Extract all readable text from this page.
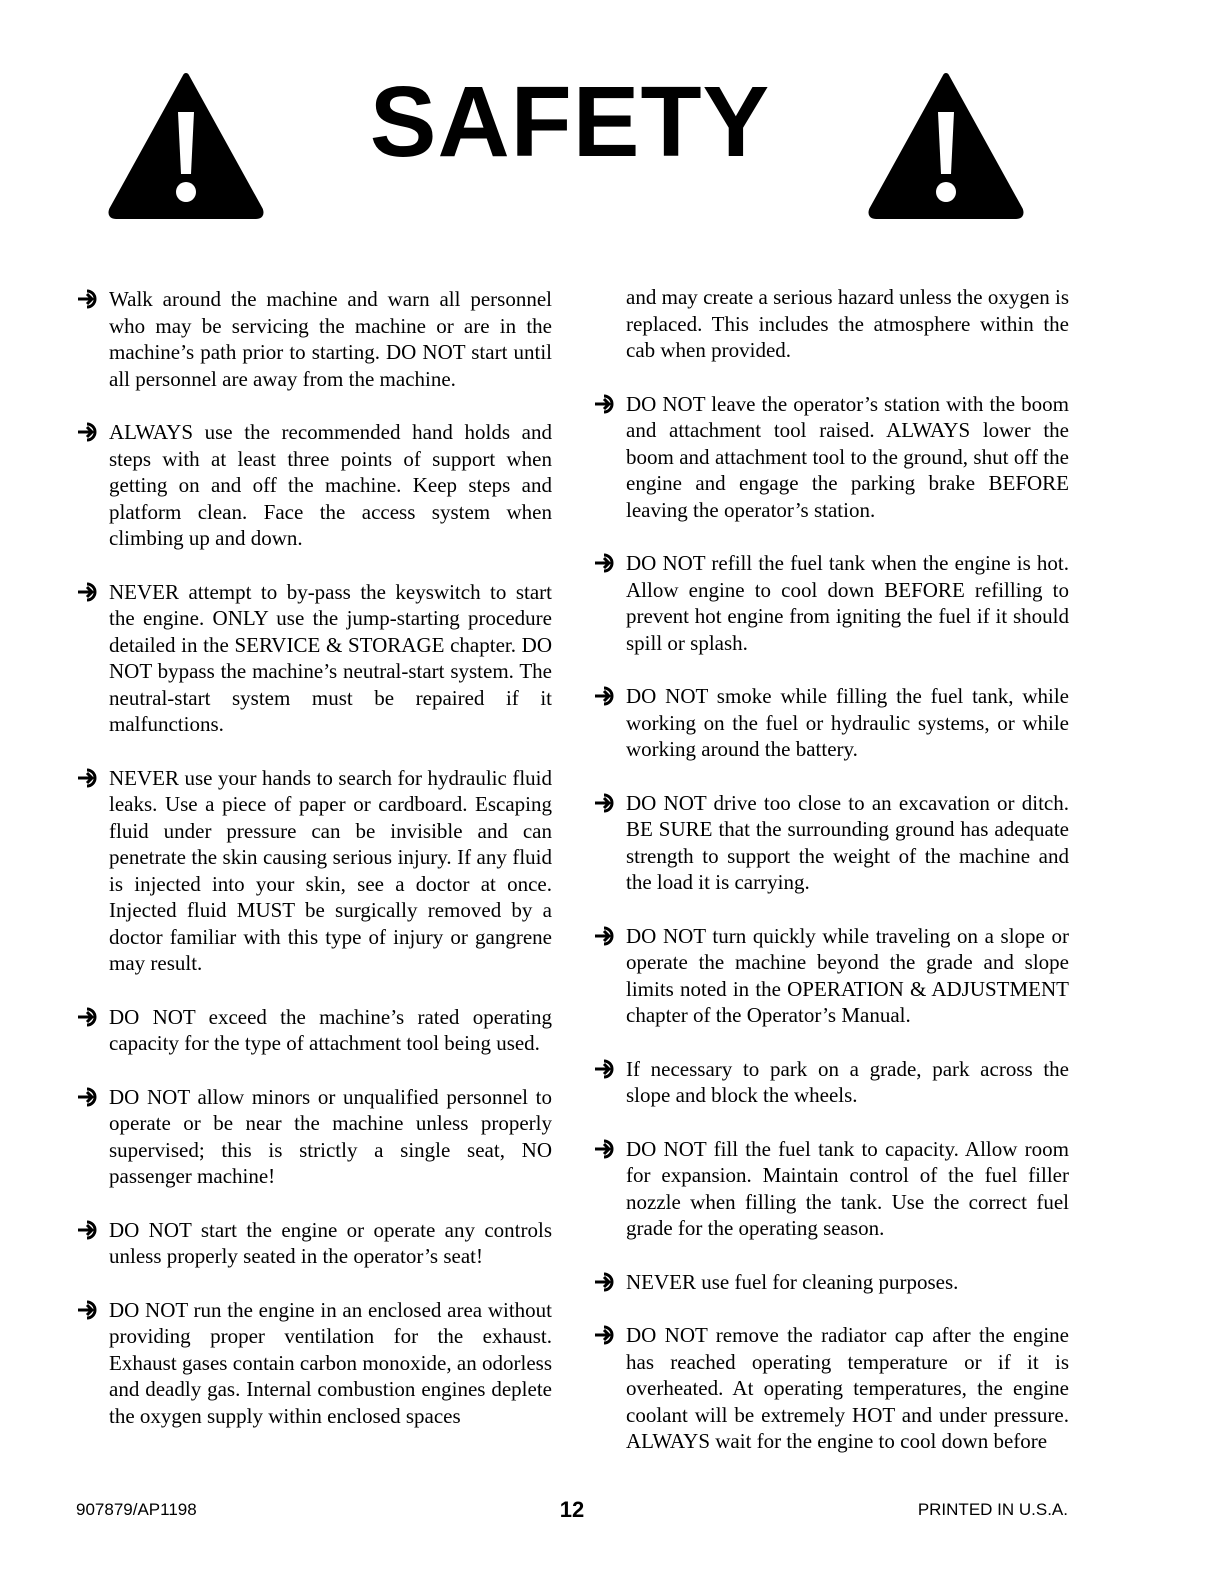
SAFETY
Walk around the machine and warn all personnel who may be servicing the machine or are in the machine’s path prior to starting. DO NOT start until all personnel are away from the machine.
ALWAYS use the recommended hand holds and steps with at least three points of support when getting on and off the machine. Keep steps and platform clean. Face the access system when climbing up and down.
NEVER attempt to by-pass the keyswitch to start the engine. ONLY use the jump-starting procedure detailed in the SERVICE & STORAGE chapter. DO NOT bypass the machine’s neutral-start system. The neutral-start system must be repaired if it malfunctions.
NEVER use your hands to search for hydraulic fluid leaks. Use a piece of paper or cardboard. Escaping fluid under pressure can be invisible and can penetrate the skin causing serious injury. If any fluid is injected into your skin, see a doctor at once. Injected fluid MUST be surgically removed by a doctor familiar with this type of injury or gangrene may result.
DO NOT exceed the machine’s rated operating capacity for the type of attachment tool being used.
DO NOT allow minors or unqualified personnel to operate or be near the machine unless properly supervised; this is strictly a single seat, NO passenger machine!
DO NOT start the engine or operate any controls unless properly seated in the operator’s seat!
DO NOT run the engine in an enclosed area without providing proper ventilation for the exhaust. Exhaust gases contain carbon monoxide, an odorless and deadly gas. Internal combustion engines deplete the oxygen supply within enclosed spaces
and may create a serious hazard unless the oxygen is replaced. This includes the atmosphere within the cab when provided.
DO NOT leave the operator’s station with the boom and attachment tool raised. ALWAYS lower the boom and attachment tool to the ground, shut off the engine and engage the parking brake BEFORE leaving the operator’s station.
DO NOT refill the fuel tank when the engine is hot. Allow engine to cool down BEFORE refilling to prevent hot engine from igniting the fuel if it should spill or splash.
DO NOT smoke while filling the fuel tank, while working on the fuel or hydraulic systems, or while working around the battery.
DO NOT drive too close to an excavation or ditch. BE SURE that the surrounding ground has adequate strength to support the weight of the machine and the load it is carrying.
DO NOT turn quickly while traveling on a slope or operate the machine beyond the grade and slope limits noted in the OPERATION & ADJUSTMENT chapter of the Operator’s Manual.
If necessary to park on a grade, park across the slope and block the wheels.
DO NOT fill the fuel tank to capacity. Allow room for expansion. Maintain control of the fuel filler nozzle when filling the tank. Use the correct fuel grade for the operating season.
NEVER use fuel for cleaning purposes.
DO NOT remove the radiator cap after the engine has reached operating temperature or if it is overheated. At operating temperatures, the engine coolant will be extremely HOT and under pressure. ALWAYS wait for the engine to cool down before
907879/AP1198	12	PRINTED IN U.S.A.
